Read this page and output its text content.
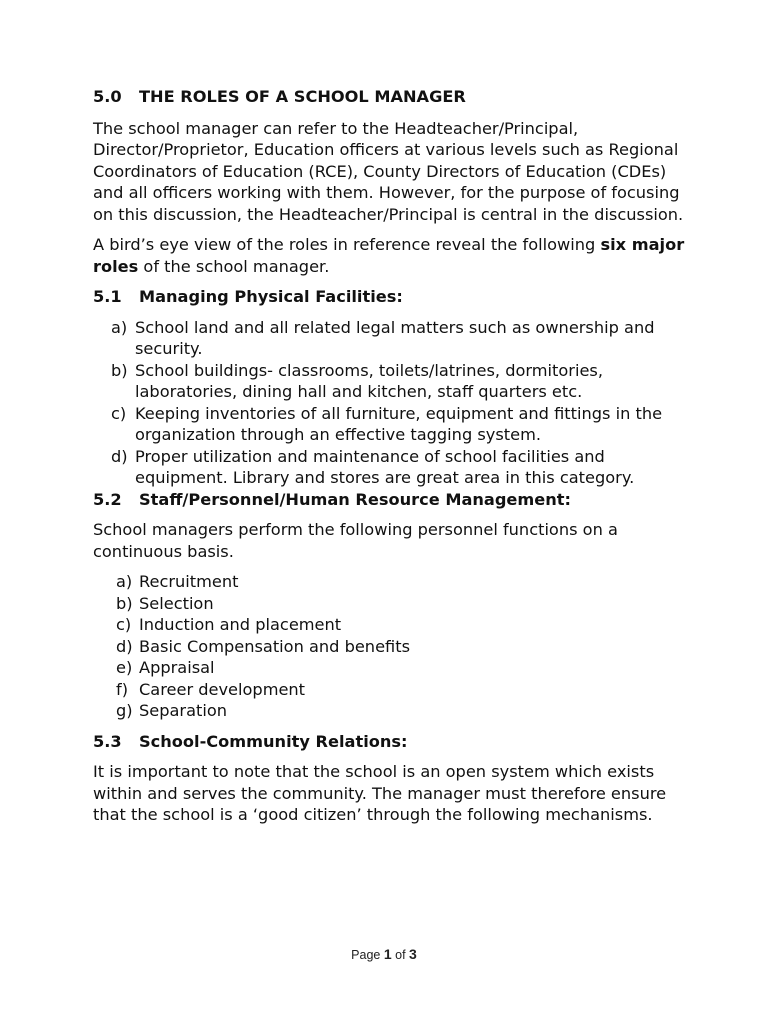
5.0 THE ROLES OF A SCHOOL MANAGER
The school manager can refer to the Headteacher/Principal, Director/Proprietor, Education officers at various levels such as Regional Coordinators of Education (RCE), County Directors of Education (CDEs) and all officers working with them. However, for the purpose of focusing on this discussion, the Headteacher/Principal is central in the discussion.
A bird’s eye view of the roles in reference reveal the following six major roles of the school manager.
5.1 Managing Physical Facilities:
a) School land and all related legal matters such as ownership and security.
b) School buildings- classrooms, toilets/latrines, dormitories, laboratories, dining hall and kitchen, staff quarters etc.
c) Keeping inventories of all furniture, equipment and fittings in the organization through an effective tagging system.
d) Proper utilization and maintenance of school facilities and equipment. Library and stores are great area in this category.
5.2 Staff/Personnel/Human Resource Management:
School managers perform the following personnel functions on a continuous basis.
a) Recruitment
b) Selection
c) Induction and placement
d) Basic Compensation and benefits
e) Appraisal
f) Career development
g) Separation
5.3 School-Community Relations:
It is important to note that the school is an open system which exists within and serves the community. The manager must therefore ensure that the school is a ‘good citizen’ through the following mechanisms.
Page 1 of 3
